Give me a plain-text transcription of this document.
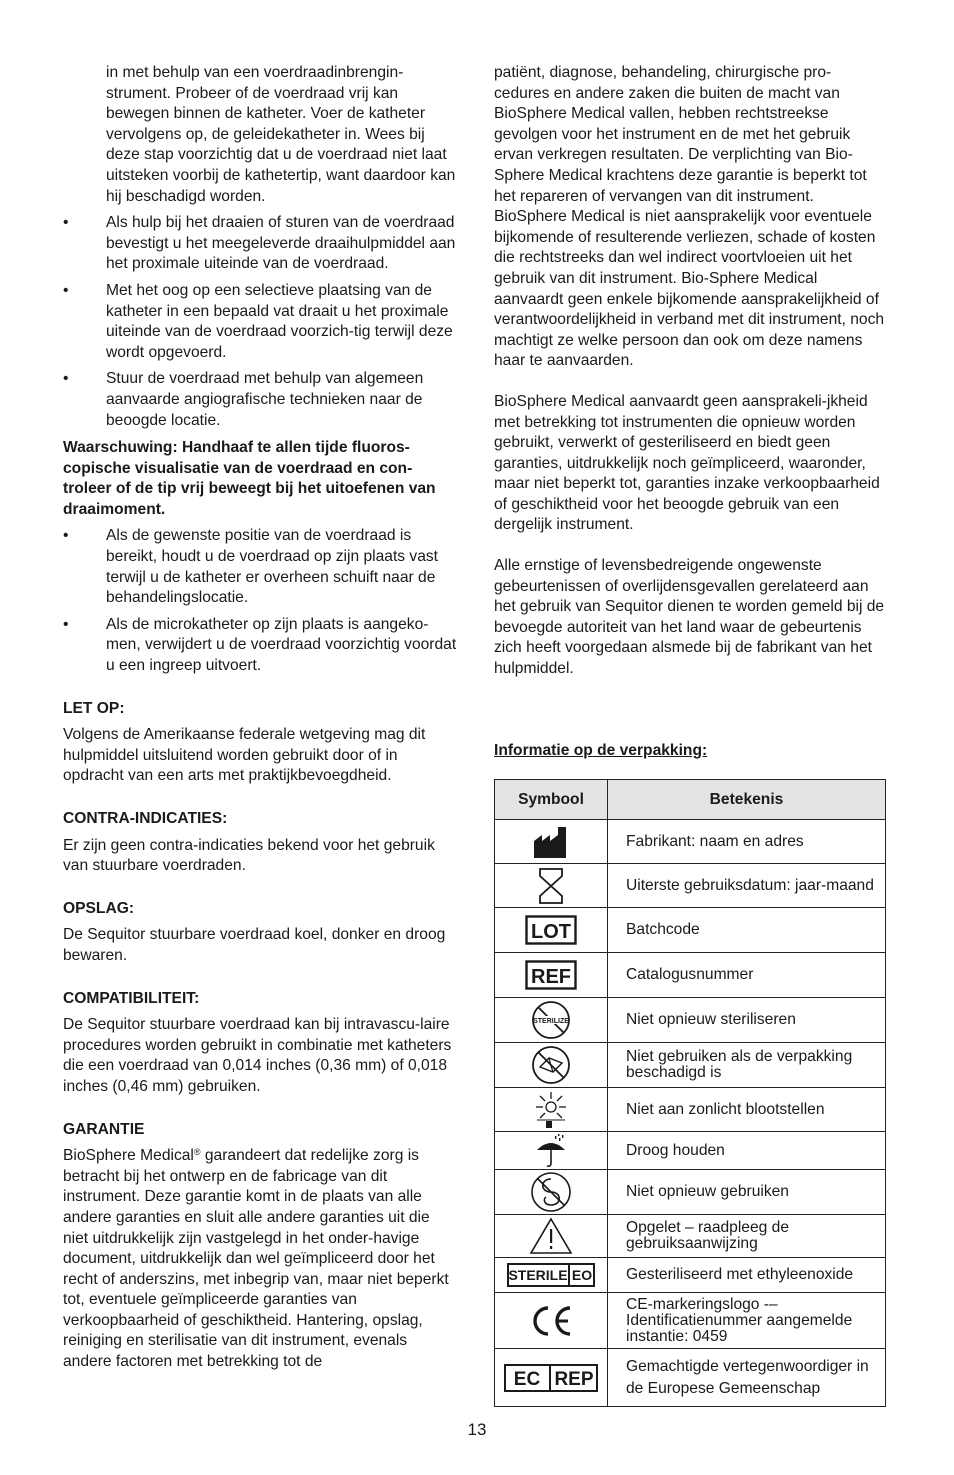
in met behulp van een voerdraadinbrengin-strument. Probeer of de voerdraad vrij kan bewegen binnen de katheter. Voer de katheter vervolgens op, de geleidekatheter in. Wees bij deze stap voorzichtig dat u de voerdraad niet laat uitsteken voorbij de kathetertip, want daardoor kan hij beschadigd worden.
• Als hulp bij het draaien of sturen van de voerdraad bevestigt u het meegeleverde draaihulpmiddel aan het proximale uiteinde van de voerdraad.
• Met het oog op een selectieve plaatsing van de katheter in een bepaald vat draait u het proximale uiteinde van de voerdraad voorzich-tig terwijl deze wordt opgevoerd.
• Stuur de voerdraad met behulp van algemeen aanvaarde angiografische technieken naar de beoogde locatie.
Waarschuwing: Handhaaf te allen tijde fluoros-copische visualisatie van de voerdraad en con-troleer of de tip vrij beweegt bij het uitoefenen van draaimoment.
• Als de gewenste positie van de voerdraad is bereikt, houdt u de voerdraad op zijn plaats vast terwijl u de katheter er overheen schuift naar de behandelingslocatie.
• Als de microkatheter op zijn plaats is aangeko-men, verwijdert u de voerdraad voorzichtig voordat u een ingreep uitvoert.
LET OP:
Volgens de Amerikaanse federale wetgeving mag dit hulpmiddel uitsluitend worden gebruikt door of in opdracht van een arts met praktijkbevoegdheid.
CONTRA-INDICATIES:
Er zijn geen contra-indicaties bekend voor het gebruik van stuurbare voerdraden.
OPSLAG:
De Sequitor stuurbare voerdraad koel, donker en droog bewaren.
COMPATIBILITEIT:
De Sequitor stuurbare voerdraad kan bij intravascu-laire procedures worden gebruikt in combinatie met katheters die een voerdraad van 0,014 inches (0,36 mm) of 0,018 inches (0,46 mm) gebruiken.
GARANTIE
BioSphere Medical® garandeert dat redelijke zorg is betracht bij het ontwerp en de fabricage van dit instrument. Deze garantie komt in de plaats van alle andere garanties en sluit alle andere garanties uit die niet uitdrukkelijk zijn vastgelegd in het onder-havige document, uitdrukkelijk dan wel geïmpliceerd door het recht of anderszins, met inbegrip van, maar niet beperkt tot, eventuele geïmpliceerde garanties van verkoopbaarheid of geschiktheid. Hantering, opslag, reiniging en sterilisatie van dit instrument, evenals andere factoren met betrekking tot de
patiënt, diagnose, behandeling, chirurgische pro-cedures en andere zaken die buiten de macht van BioSphere Medical vallen, hebben rechtstreekse gevolgen voor het instrument en de met het gebruik ervan verkregen resultaten. De verplichting van Bio-Sphere Medical krachtens deze garantie is beperkt tot het repareren of vervangen van dit instrument. BioSphere Medical is niet aansprakelijk voor eventuele bijkomende of resulterende verliezen, schade of kosten die rechtstreeks dan wel indirect voortvloeien uit het gebruik van dit instrument. Bio-Sphere Medical aanvaardt geen enkele bijkomende aansprakelijkheid of verantwoordelijkheid in verband met dit instrument, noch machtigt ze welke persoon dan ook om deze namens haar te aanvaarden.
BioSphere Medical aanvaardt geen aansprakeli-jkheid met betrekking tot instrumenten die opnieuw worden gebruikt, verwerkt of gesteriliseerd en biedt geen garanties, uitdrukkelijk noch geïmpliceerd, waaronder, maar niet beperkt tot, garanties inzake verkoopbaarheid of geschiktheid voor het beoogde gebruik van een dergelijk instrument.
Alle ernstige of levensbedreigende ongewenste gebeurtenissen of overlijdensgevallen gerelateerd aan het gebruik van Sequitor dienen te worden gemeld bij de bevoegde autoriteit van het land waar de gebeurtenis zich heeft voorgedaan alsmede bij de fabrikant van het hulpmiddel.
Informatie op de verpakking:
Symbool	Betekenis

	Fabrikant: naam en adres

	Uiterste gebruiksdatum: jaar-maand

LOT	Batchcode

REF	Catalogusnummer

STERILIZE	Niet opnieuw steriliseren

	Niet gebruiken als de verpakking beschadigd is

	Niet aan zonlicht blootstellen

	Droog houden

	Niet opnieuw gebruiken

	Opgelet – raadpleeg de gebruiksaanwijzing

STERILE EO	Gesteriliseerd met ethyleenoxide

	CE-markeringslogo -– Identificatienummer aangemelde instantie: 0459

EC REP	Gemachtigde vertegenwoordiger in de Europese Gemeenschap
13
